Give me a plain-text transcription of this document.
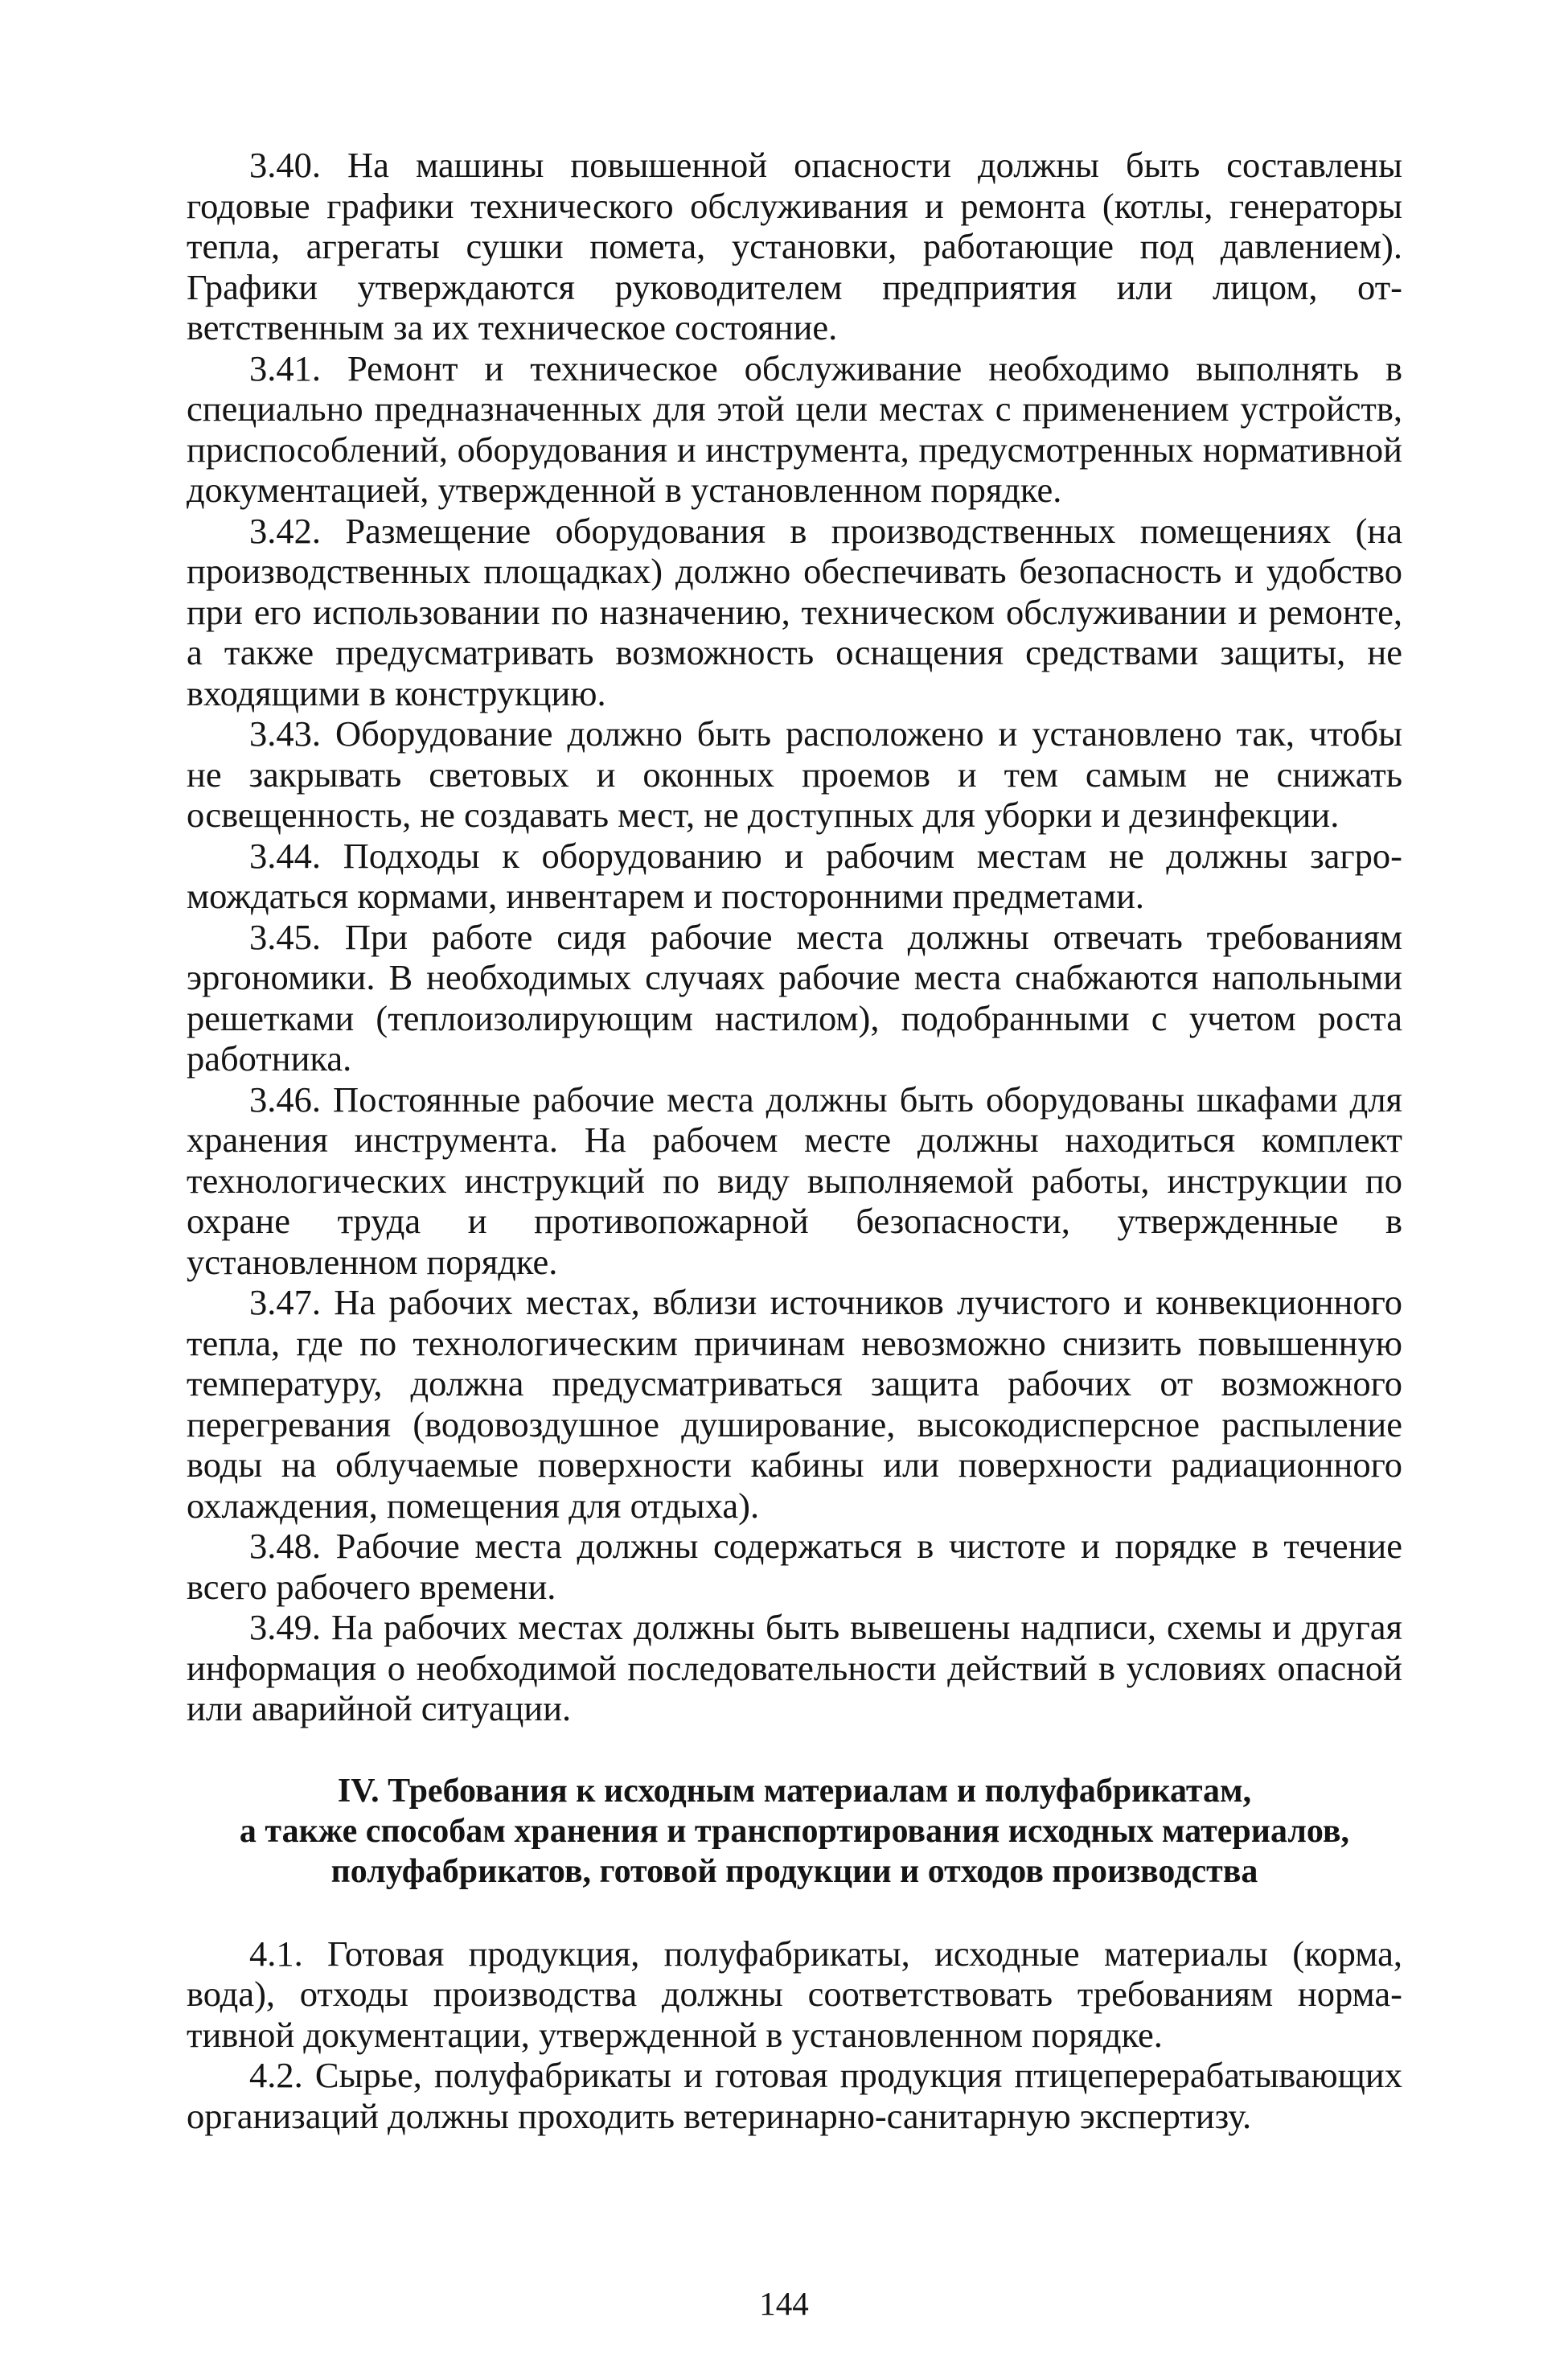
3.40. На машины повышенной опасности должны быть составлены годовые графики технического обслуживания и ремонта (котлы, генераторы тепла, агрегаты сушки помета, установки, работающие под давлением). Графики утверждаются руководителем предприятия или лицом, ответственным за их техническое состояние.

3.41. Ремонт и техническое обслуживание необходимо выполнять в специально предназначенных для этой цели местах с применением устройств, приспособлений, оборудования и инструмента, предусмотренных нормативной документацией, утвержденной в установленном порядке.

3.42. Размещение оборудования в производственных помещениях (на производственных площадках) должно обеспечивать безопасность и удобство при его использовании по назначению, техническом обслуживании и ремонте, а также предусматривать возможность оснащения средствами защиты, не входящими в конструкцию.

3.43. Оборудование должно быть расположено и установлено так, чтобы не закрывать световых и оконных проемов и тем самым не снижать освещенность, не создавать мест, не доступных для уборки и дезинфекции.

3.44. Подходы к оборудованию и рабочим местам не должны загромождаться кормами, инвентарем и посторонними предметами.

3.45. При работе сидя рабочие места должны отвечать требованиям эргономики. В необходимых случаях рабочие места снабжаются напольными решетками (теплоизолирующим настилом), подобранными с учетом роста работника.

3.46. Постоянные рабочие места должны быть оборудованы шкафами для хранения инструмента. На рабочем месте должны находиться комплект технологических инструкций по виду выполняемой работы, инструкции по охране труда и противопожарной безопасности, утвержденные в установленном порядке.

3.47. На рабочих местах, вблизи источников лучистого и конвекционного тепла, где по технологическим причинам невозможно снизить повышенную температуру, должна предусматриваться защита рабочих от возможного перегревания (водовоздушное душирование, высокодисперсное распыление воды на облучаемые поверхности кабины или поверхности радиационного охлаждения, помещения для отдыха).

3.48. Рабочие места должны содержаться в чистоте и порядке в течение всего рабочего времени.

3.49. На рабочих местах должны быть вывешены надписи, схемы и другая информация о необходимой последовательности действий в условиях опасной или аварийной ситуации.

IV. Требования к исходным материалам и полуфабрикатам,
а также способам хранения и транспортирования исходных материалов,
полуфабрикатов, готовой продукции и отходов производства

4.1. Готовая продукция, полуфабрикаты, исходные материалы (корма, вода), отходы производства должны соответствовать требованиям нормативной документации, утвержденной в установленном порядке.

4.2. Сырье, полуфабрикаты и готовая продукция птицеперерабатывающих организаций должны проходить ветеринарно-санитарную экспертизу.

144
